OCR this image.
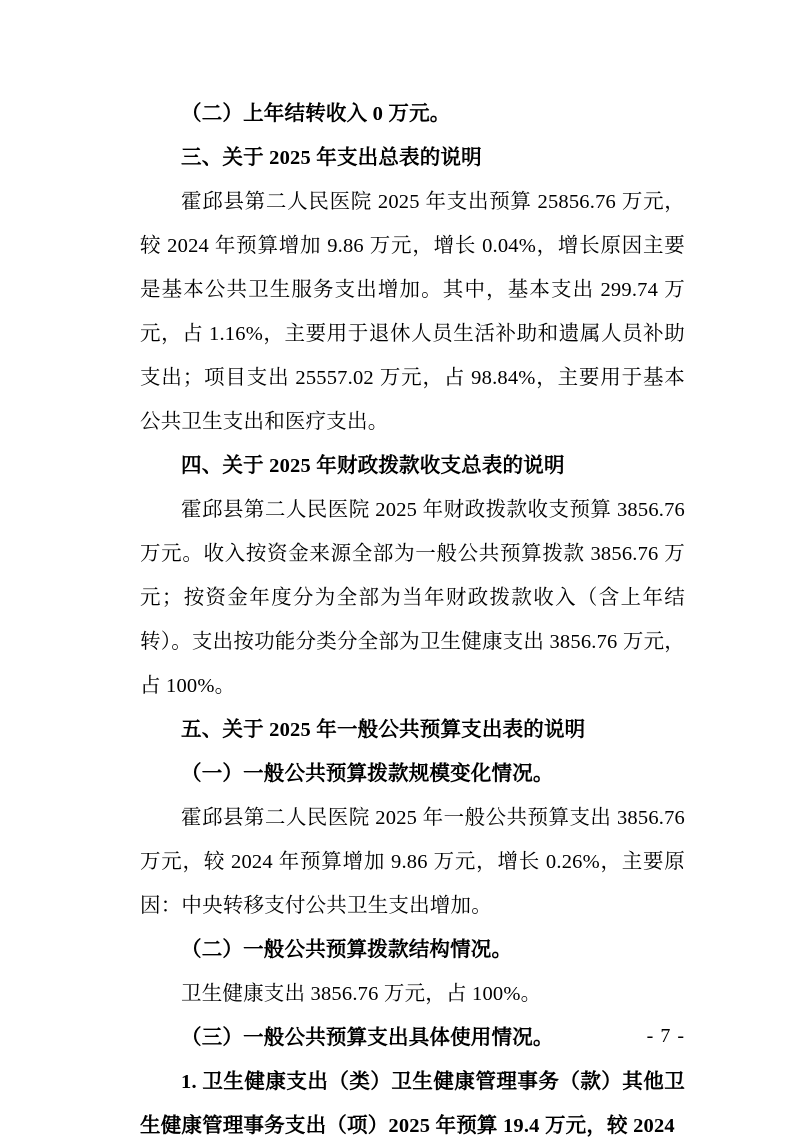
（二）上年结转收入 0 万元。

三、关于 2025 年支出总表的说明

霍邱县第二人民医院 2025 年支出预算 25856.76 万元，较 2024 年预算增加 9.86 万元，增长 0.04%，增长原因主要是基本公共卫生服务支出增加。其中，基本支出 299.74 万元，占 1.16%，主要用于退休人员生活补助和遗属人员补助支出；项目支出 25557.02 万元，占 98.84%，主要用于基本公共卫生支出和医疗支出。

四、关于 2025 年财政拨款收支总表的说明

霍邱县第二人民医院 2025 年财政拨款收支预算 3856.76 万元。收入按资金来源全部为一般公共预算拨款 3856.76 万元；按资金年度分为全部为当年财政拨款收入（含上年结转）。支出按功能分类分全部为卫生健康支出 3856.76 万元，占 100%。

五、关于 2025 年一般公共预算支出表的说明

（一）一般公共预算拨款规模变化情况。

霍邱县第二人民医院 2025 年一般公共预算支出 3856.76 万元，较 2024 年预算增加 9.86 万元，增长 0.26%，主要原因：中央转移支付公共卫生支出增加。

（二）一般公共预算拨款结构情况。

卫生健康支出 3856.76 万元，占 100%。

（三）一般公共预算支出具体使用情况。

1. 卫生健康支出（类）卫生健康管理事务（款）其他卫生健康管理事务支出（项）2025 年预算 19.4 万元，较 2024

- 7 -
